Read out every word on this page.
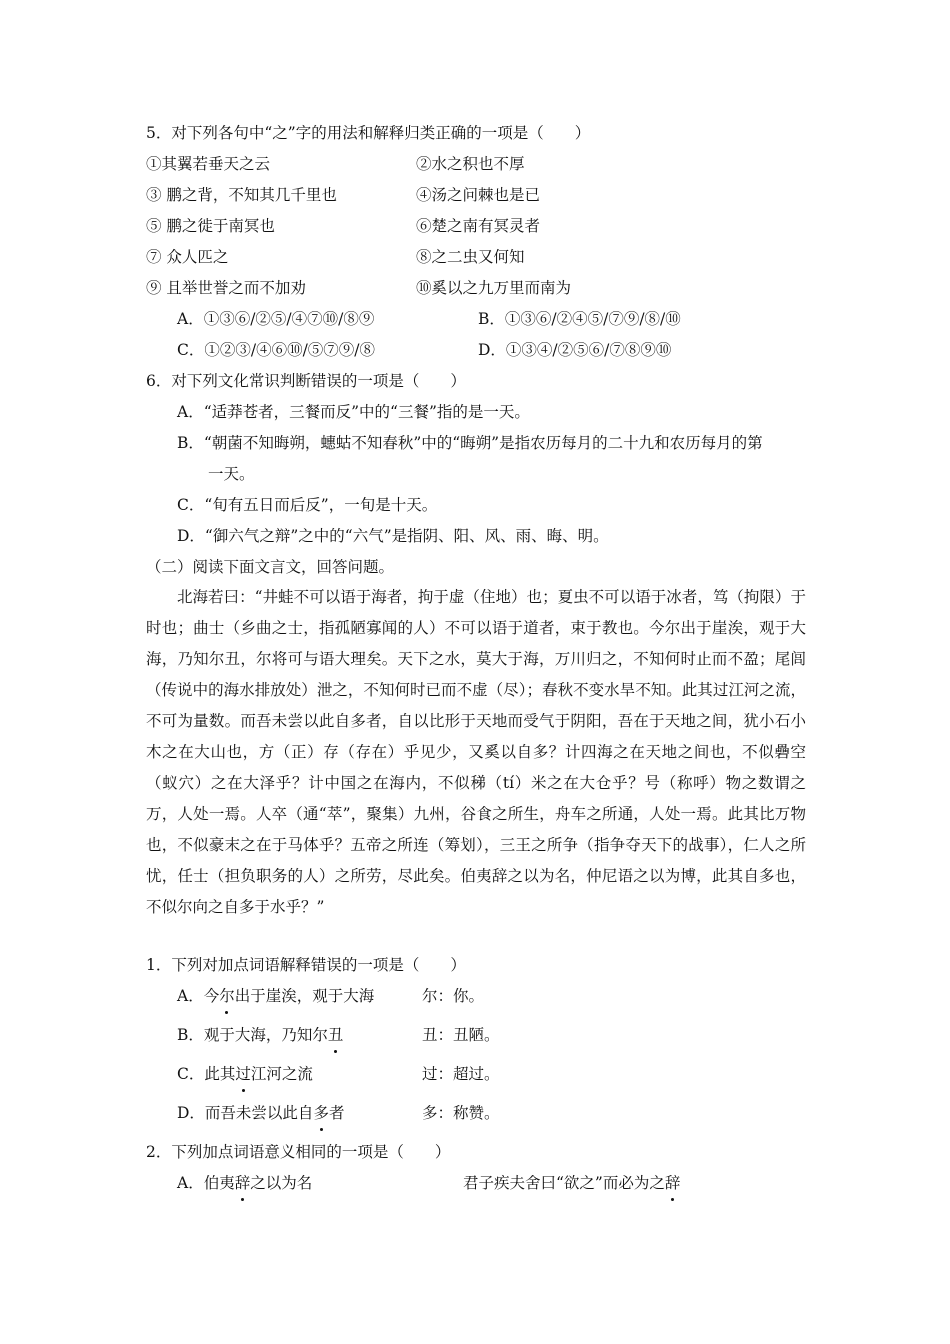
5．对下列各句中“之”字的用法和解释归类正确的一项是（　　）
①其翼若垂天之云	②水之积也不厚
③ 鹏之背，不知其几千里也	④汤之问棘也是已
⑤ 鹏之徙于南冥也	⑥楚之南有冥灵者
⑦ 众人匹之	⑧之二虫又何知
⑨ 且举世誉之而不加劝	⑩奚以之九万里而南为
A．①③⑥/②⑤/④⑦⑩/⑧⑨	B．①③⑥/②④⑤/⑦⑨/⑧/⑩
C．①②③/④⑥⑩/⑤⑦⑨/⑧	D．①③④/②⑤⑥/⑦⑧⑨⑩
6．对下列文化常识判断错误的一项是（　　）
A．“适莽苍者，三餐而反”中的“三餐”指的是一天。
B．“朝菌不知晦朔，蟪蛄不知春秋”中的“晦朔”是指农历每月的二十九和农历每月的第
一天。
C．“旬有五日而后反”，一旬是十天。
D．“御六气之辩”之中的“六气”是指阴、阳、风、雨、晦、明。
（二）阅读下面文言文，回答问题。
北海若曰：“井蛙不可以语于海者，拘于虚（住地）也；夏虫不可以语于冰者，笃（拘限）于时也；曲士（乡曲之士，指孤陋寡闻的人）不可以语于道者，束于教也。今尔出于崖涘，观于大海，乃知尔丑，尔将可与语大理矣。天下之水，莫大于海，万川归之，不知何时止而不盈；尾闾（传说中的海水排放处）泄之，不知何时已而不虚（尽）；春秋不变水旱不知。此其过江河之流，不可为量数。而吾未尝以此自多者，自以比形于天地而受气于阴阳，吾在于天地之间，犹小石小木之在大山也，方（正）存（存在）乎见少，又奚以自多？计四海之在天地之间也，不似礨空（蚁穴）之在大泽乎？计中国之在海内，不似稊（tí）米之在大仓乎？号（称呼）物之数谓之万，人处一焉。人卒（通“萃”，聚集）九州，谷食之所生，舟车之所通，人处一焉。此其比万物也，不似豪末之在于马体乎？五帝之所连（筹划），三王之所争（指争夺天下的战事），仁人之所忧，任士（担负职务的人）之所劳，尽此矣。伯夷辞之以为名，仲尼语之以为博，此其自多也，不似尔向之自多于水乎？”
1．下列对加点词语解释错误的一项是（　　）
A．今尔出于崖涘，观于大海	尔：你。
B．观于大海，乃知尔丑	丑：丑陋。
C．此其过江河之流	过：超过。
D．而吾未尝以此自多者	多：称赞。
2．下列加点词语意义相同的一项是（　　）
A．伯夷辞之以为名	君子疾夫舍曰“欲之”而必为之辞
